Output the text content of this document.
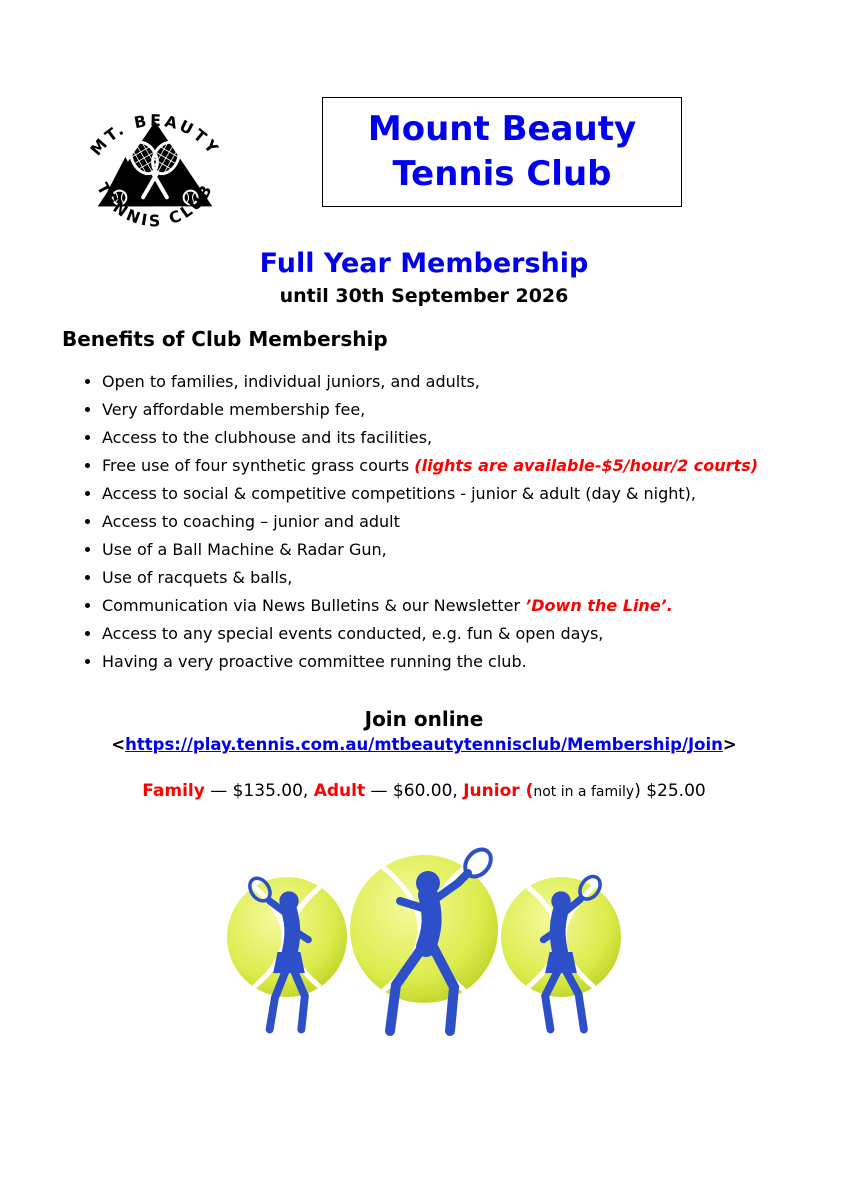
MT. BEAUTY
TENNIS CLUB
Mount Beauty
Tennis Club
Full Year Membership
until 30th September 2026
Benefits of Club Membership
• Open to families, individual juniors, and adults,
• Very affordable membership fee,
• Access to the clubhouse and its facilities,
• Free use of four synthetic grass courts (lights are available-$5/hour/2 courts)
• Access to social & competitive competitions - junior & adult (day & night),
• Access to coaching – junior and adult
• Use of a Ball Machine & Radar Gun,
• Use of racquets & balls,
• Communication via News Bulletins & our Newsletter ’Down the Line’.
• Access to any special events conducted, e.g. fun & open days,
• Having a very proactive committee running the club.
Join online
<https://play.tennis.com.au/mtbeautytennisclub/Membership/Join>
Family — $135.00, Adult — $60.00, Junior (not in a family) $25.00
